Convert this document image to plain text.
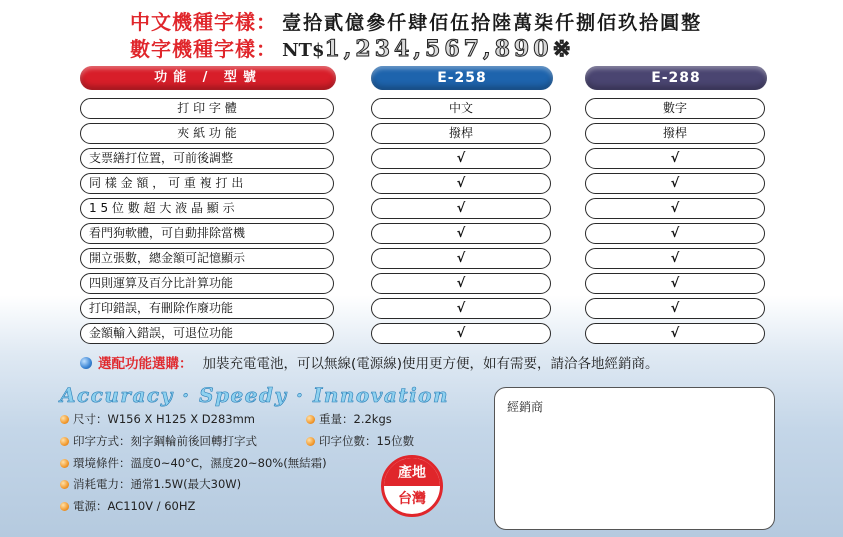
中文機種字樣： 壹拾貳億參仟肆佰伍拾陸萬柒仟捌佰玖拾圓整
數字機種字樣： NT$1,234,567,890※
功能 / 型號	E-258	E-288
打 印 字 體	中文	數字
夾 紙 功 能	撥桿	撥桿
支票繕打位置，可前後調整	√	√
同 樣 金 額 ， 可 重 複 打 出	√	√
1 5 位 數 超 大 液 晶 顯 示	√	√
看門狗軟體，可自動排除當機	√	√
開立張數，總金額可記憶顯示	√	√
四則運算及百分比計算功能	√	√
打印錯誤，有刪除作廢功能	√	√
金額輸入錯誤，可退位功能	√	√
選配功能選購： 加裝充電電池，可以無線(電源線)使用更方便，如有需要，請洽各地經銷商。
Accuracy · Speedy · Innovation
尺寸：W156 X H125 X D283mm	重量：2.2kgs
印字方式：刻字鋼輪前後回轉打字式	印字位數：15位數
環境條件：溫度0~40°C，濕度20~80%(無結霜)
消耗電力：通常1.5W(最大30W)
電源：AC110V / 60HZ
產地
台灣
經銷商
